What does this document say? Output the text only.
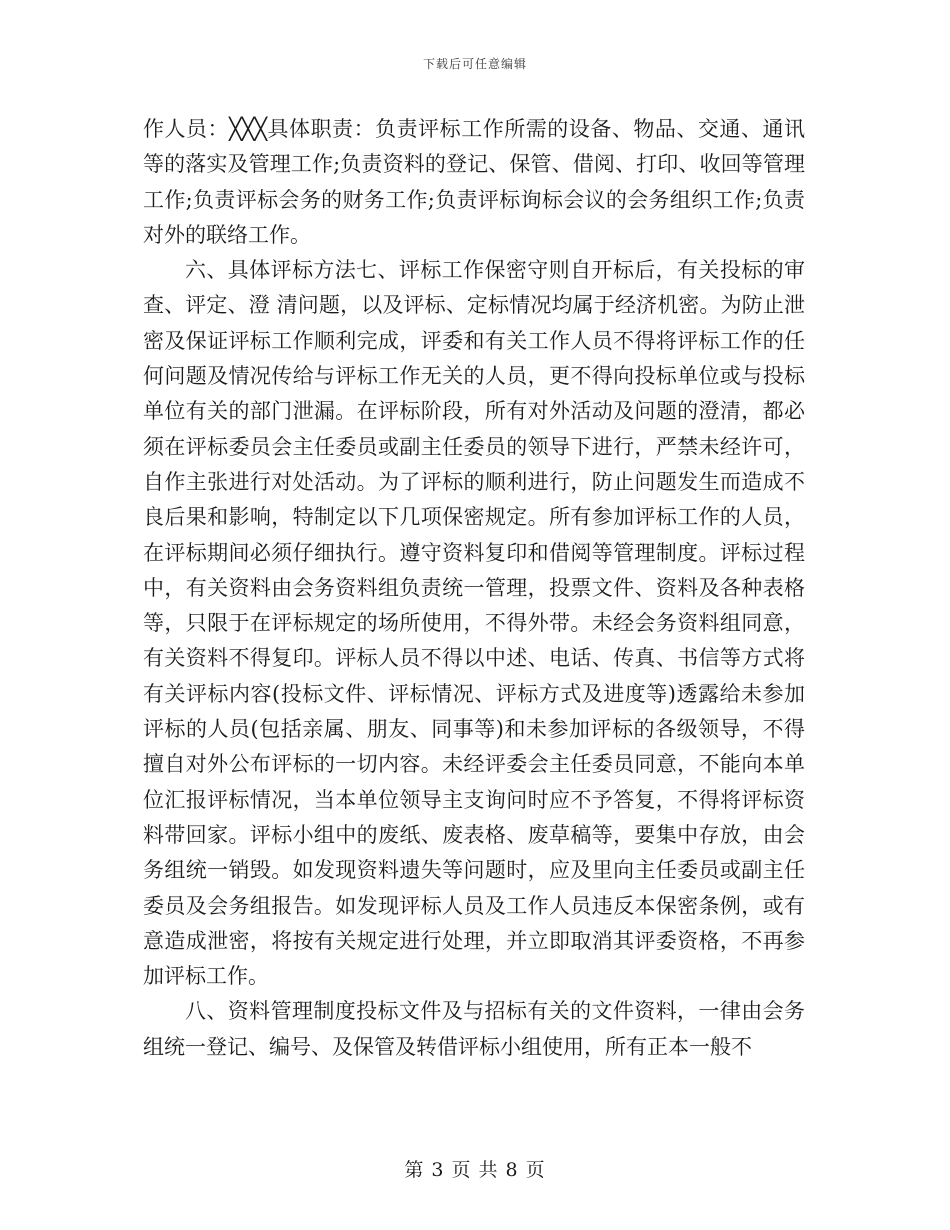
下载后可任意编辑

作人员：╳╳╳具体职责：负责评标工作所需的设备、物品、交通、通讯等的落实及管理工作;负责资料的登记、保管、借阅、打印、收回等管理工作;负责评标会务的财务工作;负责评标询标会议的会务组织工作;负责对外的联络工作。

六、具体评标方法七、评标工作保密守则自开标后，有关投标的审查、评定、澄 清问题，以及评标、定标情况均属于经济机密。为防止泄密及保证评标工作顺利完成，评委和有关工作人员不得将评标工作的任何问题及情况传给与评标工作无关的人员，更不得向投标单位或与投标单位有关的部门泄漏。在评标阶段，所有对外活动及问题的澄清，都必须在评标委员会主任委员或副主任委员的领导下进行，严禁未经许可，自作主张进行对处活动。为了评标的顺利进行，防止问题发生而造成不良后果和影响，特制定以下几项保密规定。所有参加评标工作的人员，在评标期间必须仔细执行。遵守资料复印和借阅等管理制度。评标过程中，有关资料由会务资料组负责统一管理，投票文件、资料及各种表格等，只限于在评标规定的场所使用，不得外带。未经会务资料组同意，有关资料不得复印。评标人员不得以中述、电话、传真、书信等方式将有关评标内容(投标文件、评标情况、评标方式及进度等)透露给未参加评标的人员(包括亲属、朋友、同事等)和未参加评标的各级领导，不得擅自对外公布评标的一切内容。未经评委会主任委员同意，不能向本单位汇报评标情况，当本单位领导主支询问时应不予答复，不得将评标资料带回家。评标小组中的废纸、废表格、废草稿等，要集中存放，由会务组统一销毁。如发现资料遗失等问题时，应及里向主任委员或副主任委员及会务组报告。如发现评标人员及工作人员违反本保密条例，或有意造成泄密，将按有关规定进行处理，并立即取消其评委资格，不再参加评标工作。

八、资料管理制度投标文件及与招标有关的文件资料，一律由会务组统一登记、编号、及保管及转借评标小组使用，所有正本一般不

第 3 页 共 8 页
